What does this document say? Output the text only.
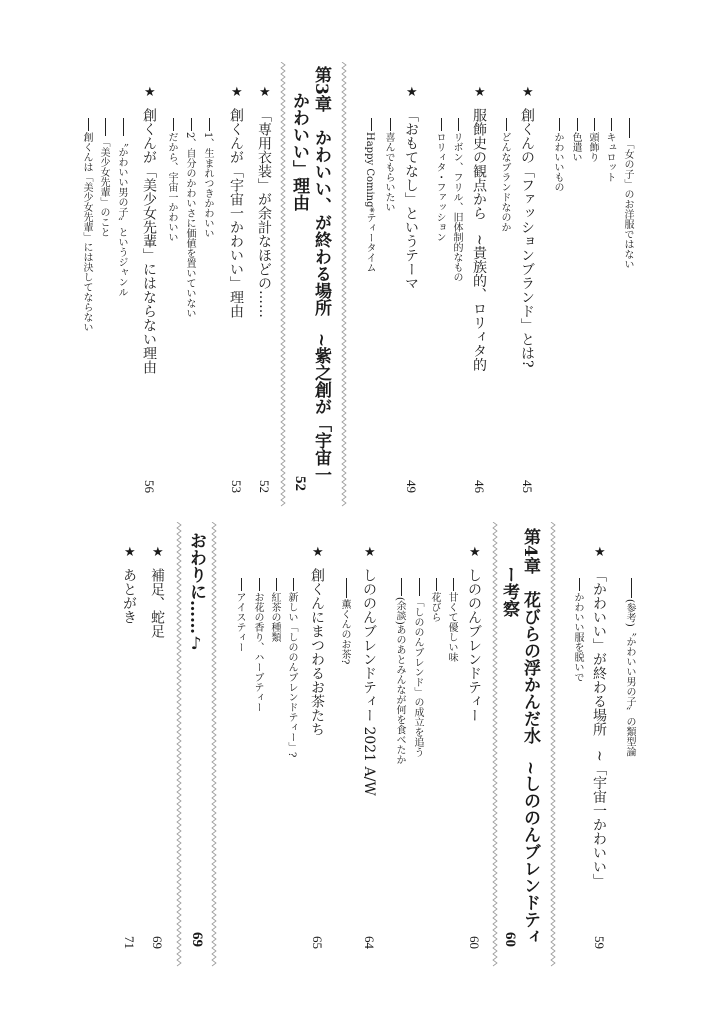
「女の子」のお洋服ではない
キュロット
頭飾り
色遣い
かわいいもの
★
創くんの「ファッションブランド」とは?
45
どんなブランドなのか
★
服飾史の観点から　~貴族的、ロリィタ的
46
リボン、フリル、旧体制的なもの
ロリィタ・ファッション
★
「おもてなし」というテーマ
49
喜んでもらいたい
Happy Coming*ティータイム
第3章　かわいい、が終わる場所　~紫之創が「宇宙一
かわいい」理由
52
★
「専用衣装」が余計なほどの……
52
★
創くんが「宇宙一かわいい」理由
53
1、生まれつきかわいい
2、自分のかわいさに価値を置いていない
だから、宇宙一かわいい
★
創くんが「美少女先輩」にはならない理由
56
〝かわいい男の子〟というジャンル
「美少女先輩」のこと
創くんは「美少女先輩」には決してならない
(参考)〝かわいい男の子〟の類型論
★
「かわいい」が終わる場所　~「宇宙一かわいい」
59
かわいい服を脱いで
第4章　花びらの浮かんだ水　~しののんブレンドティ
ー考察
60
★
しののんブレンドティー
60
甘くて優しい味
花びら
「しののんブレンド」の成立を追う
(余談)あのあとみんなが何を食べたか
★
しののんブレンドティー 2021 A/W
64
薫くんのお茶?
★
創くんにまつわるお茶たち
65
新しい「しののんブレンドティー」?
紅茶の種類
お花の香り、ハーブティー
アイスティー
おわりに……♪
69
★
補足、蛇足
69
★
あとがき
71
